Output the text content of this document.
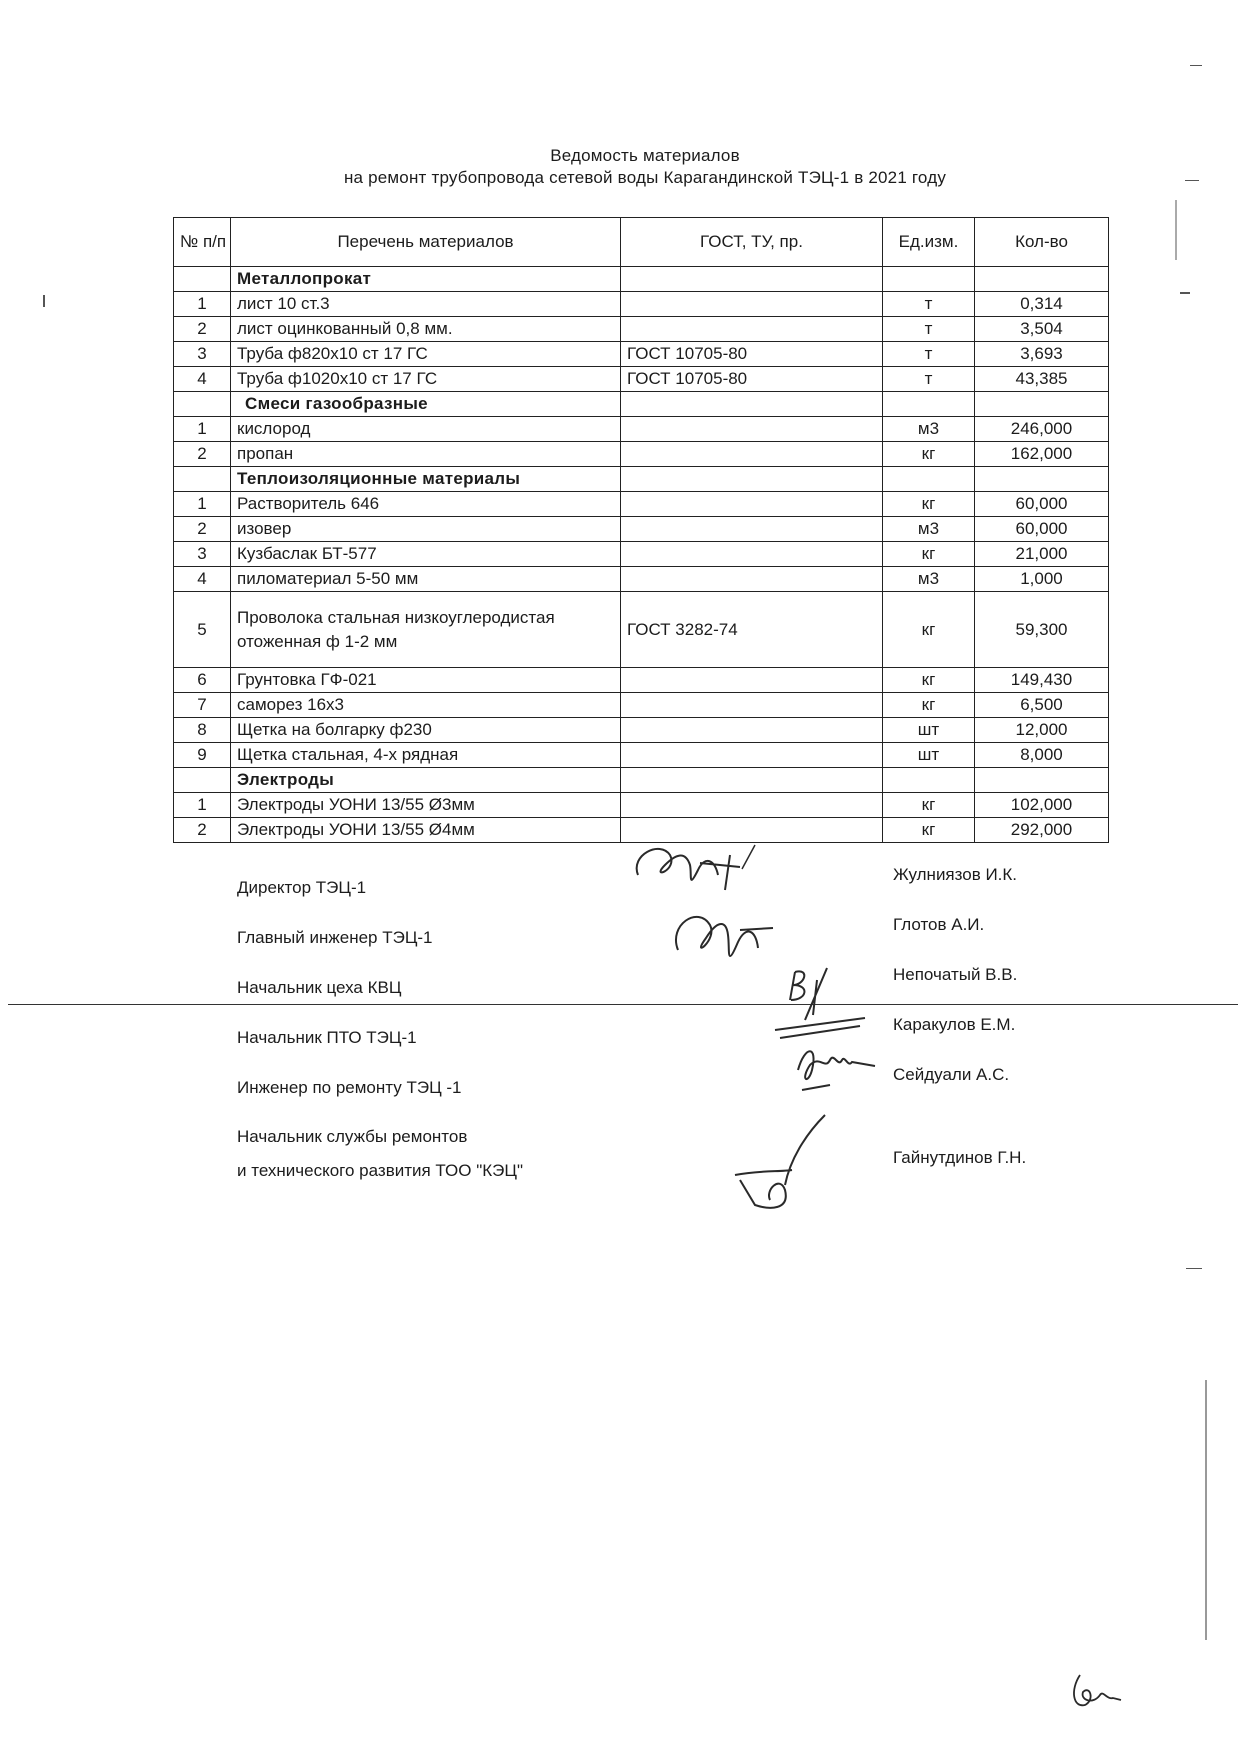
Ведомость материалов
на ремонт трубопровода сетевой воды Карагандинской ТЭЦ-1 в 2021 году
№ п/п	Перечень материалов	ГОСТ, ТУ, пр.	Ед.изм.	Кол-во
	Металлопрокат			
1	лист 10 ст.3		т	0,314
2	лист оцинкованный 0,8 мм.		т	3,504
3	Труба ф820х10 ст 17 ГС	ГОСТ 10705-80	т	3,693
4	Труба ф1020х10 ст 17 ГС	ГОСТ 10705-80	т	43,385
	Смеси газообразные			
1	кислород		м3	246,000
2	пропан		кг	162,000
	Теплоизоляционные материалы			
1	Растворитель 646		кг	60,000
2	изовер		м3	60,000
3	Кузбаслак БТ-577		кг	21,000
4	пиломатериал 5-50 мм		м3	1,000
5	Проволока стальная низкоуглеродистая отоженная ф 1-2 мм	ГОСТ 3282-74	кг	59,300
6	Грунтовка ГФ-021		кг	149,430
7	саморез 16х3		кг	6,500
8	Щетка на болгарку ф230		шт	12,000
9	Щетка стальная, 4-х рядная		шт	8,000
	Электроды			
1	Электроды УОНИ 13/55 Ø3мм		кг	102,000
2	Электроды УОНИ 13/55 Ø4мм		кг	292,000
Директор ТЭЦ-1
Жулниязов И.К.
Главный инженер ТЭЦ-1
Глотов А.И.
Начальник цеха КВЦ
Непочатый В.В.
Начальник ПТО ТЭЦ-1
Каракулов Е.М.
Инженер по ремонту ТЭЦ -1
Сейдуали А.С.
Начальник службы ремонтов
и технического развития ТОО "КЭЦ"
Гайнутдинов Г.Н.
